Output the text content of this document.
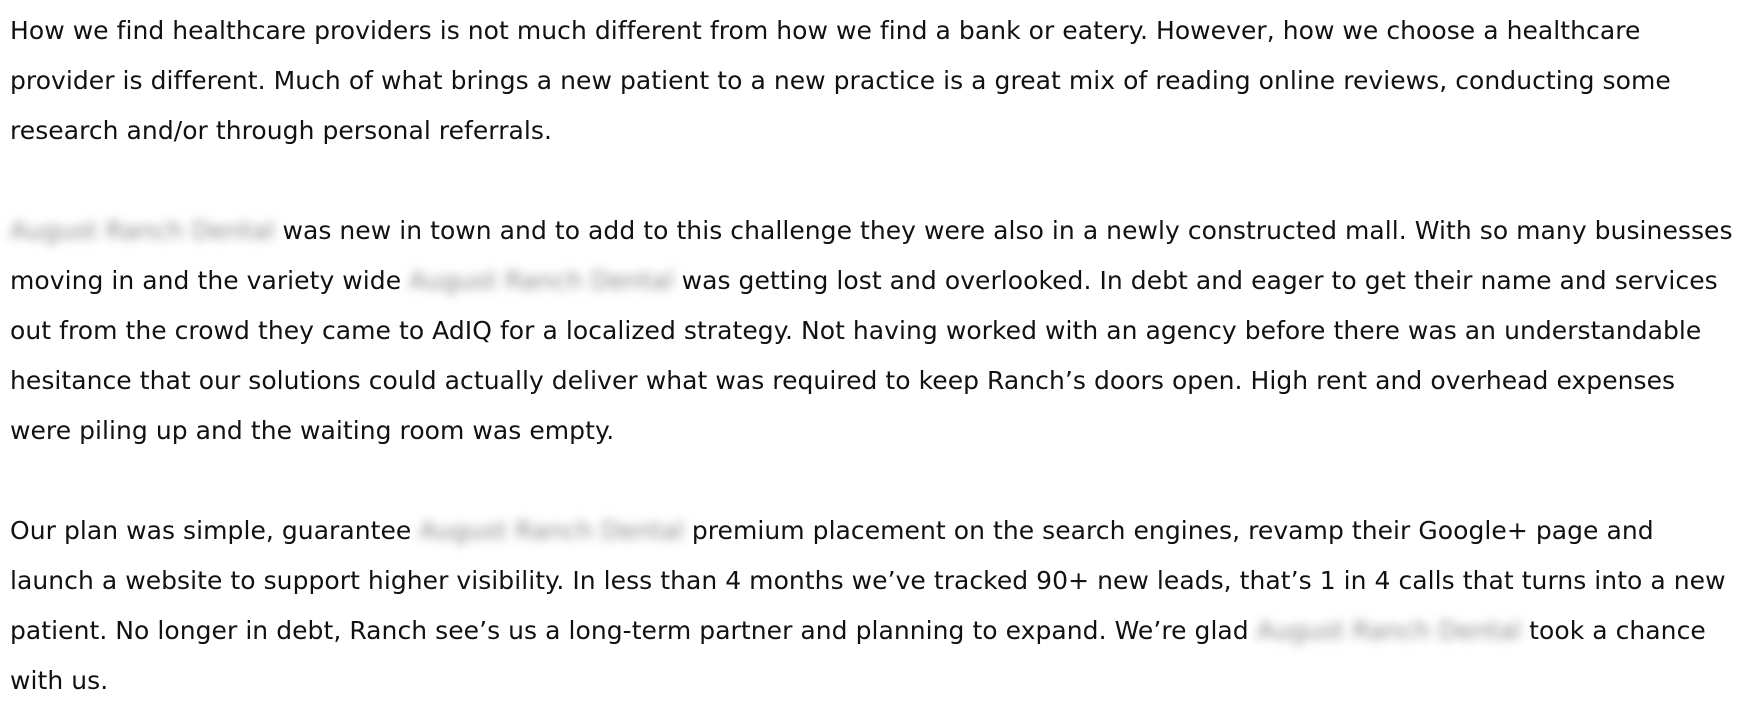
How we find healthcare providers is not much different from how we find a bank or eatery. However, how we choose a healthcare provider is different. Much of what brings a new patient to a new practice is a great mix of reading online reviews, conducting some research and/or through personal referrals.

August Ranch Dental was new in town and to add to this challenge they were also in a newly constructed mall. With so many businesses moving in and the variety wide August Ranch Dental was getting lost and overlooked. In debt and eager to get their name and services out from the crowd they came to AdIQ for a localized strategy. Not having worked with an agency before there was an understandable hesitance that our solutions could actually deliver what was required to keep Ranch’s doors open. High rent and overhead expenses were piling up and the waiting room was empty.

Our plan was simple, guarantee August Ranch Dental premium placement on the search engines, revamp their Google+ page and launch a website to support higher visibility. In less than 4 months we’ve tracked 90+ new leads, that’s 1 in 4 calls that turns into a new patient. No longer in debt, Ranch see’s us a long-term partner and planning to expand. We’re glad August Ranch Dental took a chance with us.
